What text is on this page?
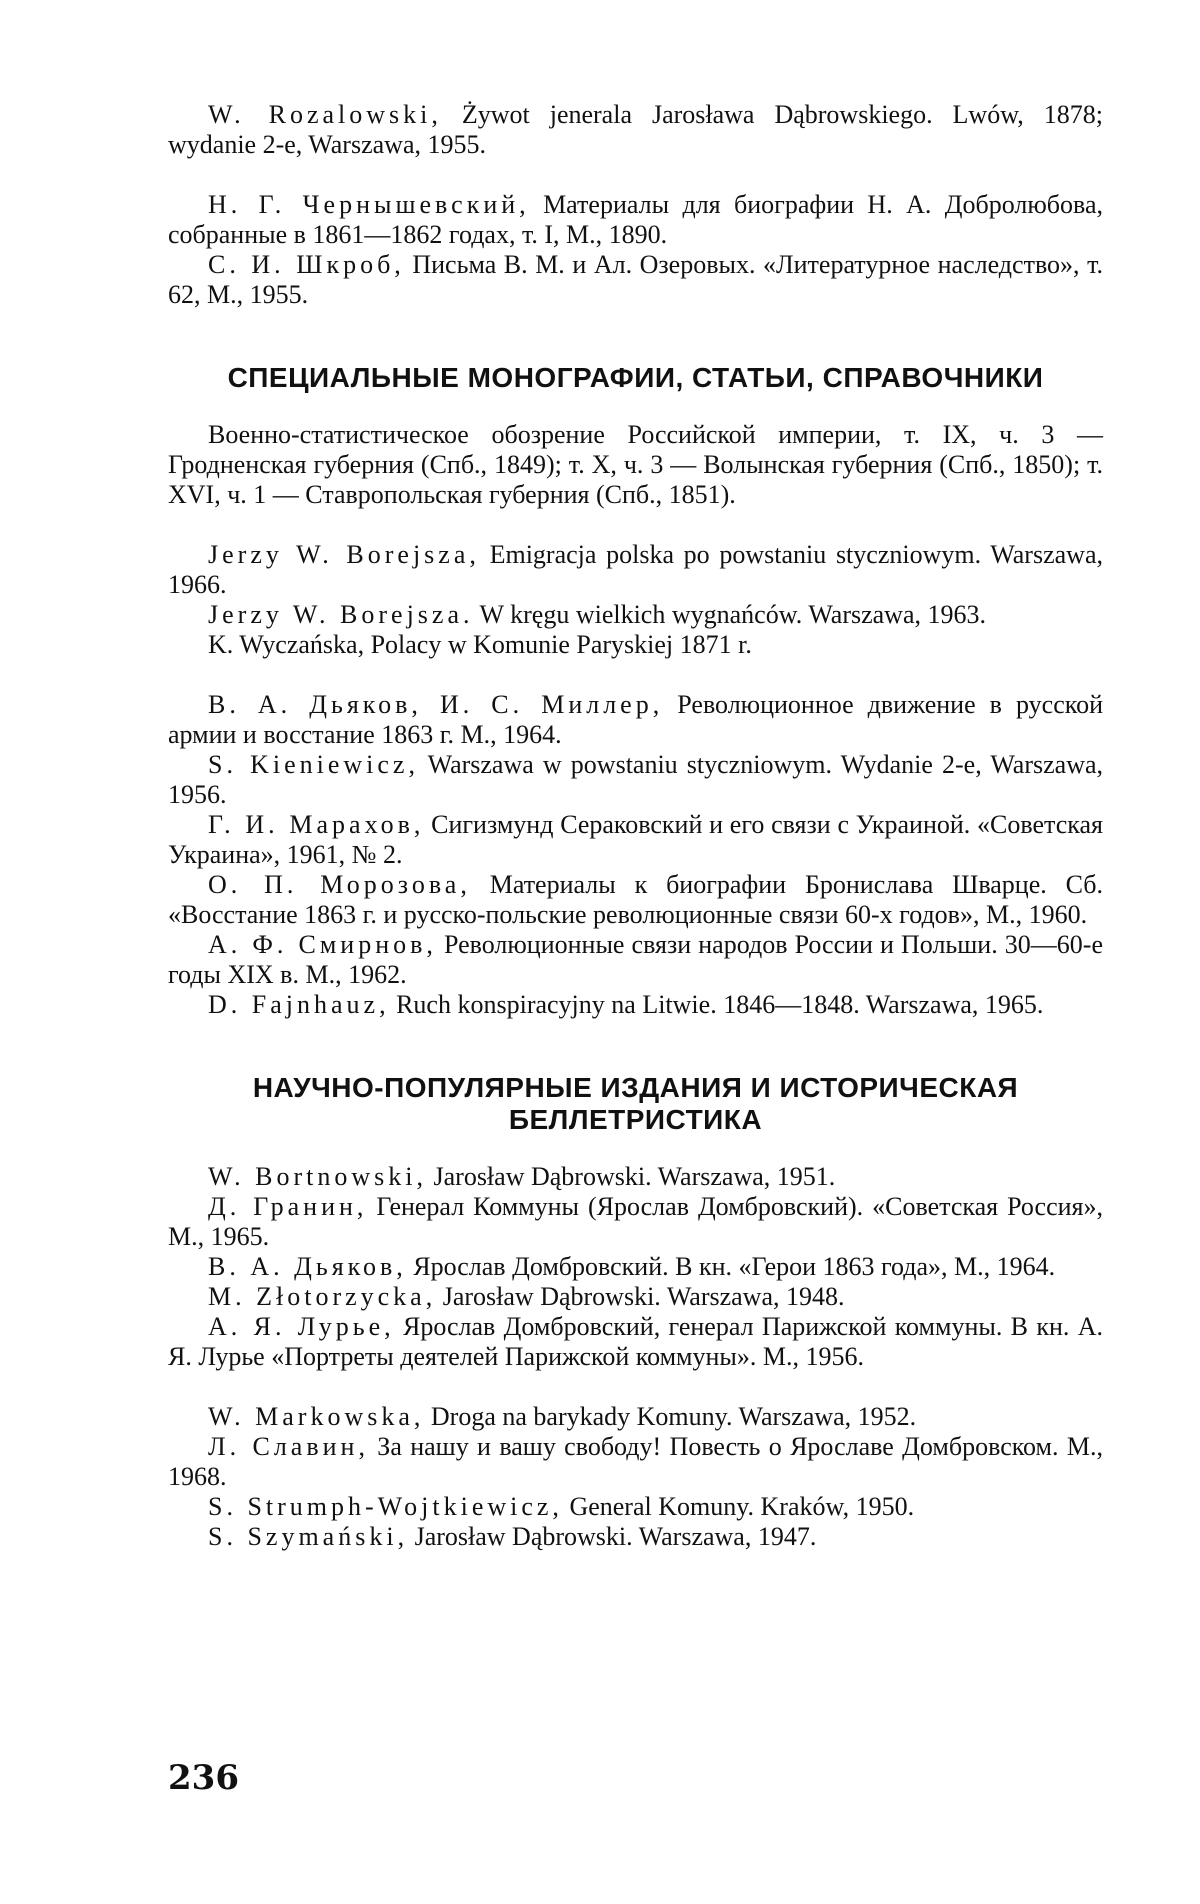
W. Rozalowski, Żywot jenerala Jarosława Dąbrowskiego. Lwów, 1878; wydanie 2-e, Warszawa, 1955.

Н. Г. Чернышевский, Материалы для биографии Н. А. Добролюбова, собранные в 1861—1862 годах, т. I, М., 1890.

С. И. Шкроб, Письма В. М. и Ал. Озеровых. «Литературное наследство», т. 62, М., 1955.

СПЕЦИАЛЬНЫЕ МОНОГРАФИИ, СТАТЬИ, СПРАВОЧНИКИ

Военно-статистическое обозрение Российской империи, т. IX, ч. 3 — Гродненская губерния (Спб., 1849); т. X, ч. 3 — Волынская губерния (Спб., 1850); т. XVI, ч. 1 — Ставропольская губерния (Спб., 1851).

Jerzy W. Borejsza, Emigracja polska po powstaniu styczniowym. Warszawa, 1966.

Jerzy W. Borejsza. W kręgu wielkich wygnańców. Warszawa, 1963.

K. Wyczańska, Polacy w Komunie Paryskiej 1871 r.

В. А. Дьяков, И. С. Миллер, Революционное движение в русской армии и восстание 1863 г. М., 1964.

S. Kieniewicz, Warszawa w powstaniu styczniowym. Wydanie 2-e, Warszawa, 1956.

Г. И. Марахов, Сигизмунд Сераковский и его связи с Украиной. «Советская Украина», 1961, № 2.

О. П. Морозова, Материалы к биографии Бронислава Шварце. Сб. «Восстание 1863 г. и русско-польские революционные связи 60-х годов», М., 1960.

А. Ф. Смирнов, Революционные связи народов России и Польши. 30—60-е годы XIX в. М., 1962.

D. Fajnhauz, Ruch konspiracyjny na Litwie. 1846—1848. Warszawa, 1965.

НАУЧНО-ПОПУЛЯРНЫЕ ИЗДАНИЯ И ИСТОРИЧЕСКАЯ БЕЛЛЕТРИСТИКА

W. Bortnowski, Jarosław Dąbrowski. Warszawa, 1951.

Д. Гранин, Генерал Коммуны (Ярослав Домбровский). «Советская Россия», М., 1965.

В. А. Дьяков, Ярослав Домбровский. В кн. «Герои 1863 года», М., 1964.

M. Złotorzycka, Jarosław Dąbrowski. Warszawa, 1948.

А. Я. Лурье, Ярослав Домбровский, генерал Парижской коммуны. В кн. А. Я. Лурье «Портреты деятелей Парижской коммуны». М., 1956.

W. Markowska, Droga na barykady Komuny. Warszawa, 1952.

Л. Славин, За нашу и вашу свободу! Повесть о Ярославе Домбровском. М., 1968.

S. Strumph-Wojtkiewicz, General Komuny. Kraków, 1950.

S. Szymański, Jarosław Dąbrowski. Warszawa, 1947.

236
